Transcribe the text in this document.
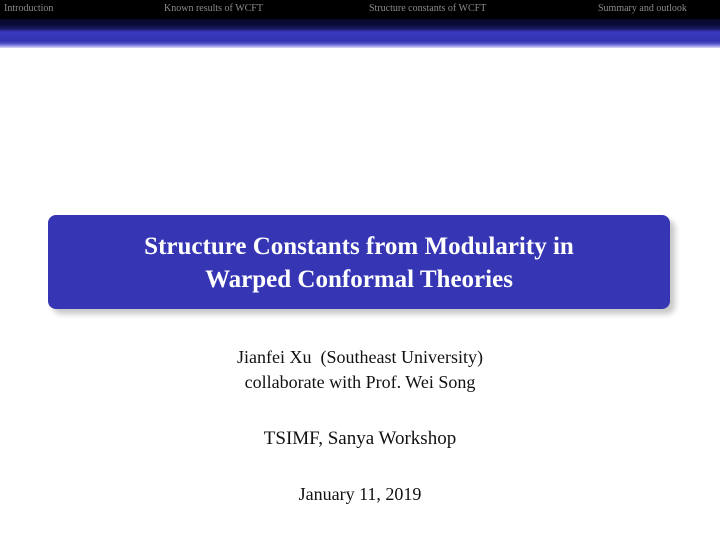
Introduction	Known results of WCFT	Structure constants of WCFT	Summary and outlook
Structure Constants from Modularity in
Warped Conformal Theories
Jianfei Xu  (Southeast University)
collaborate with Prof. Wei Song
TSIMF, Sanya Workshop
January 11, 2019
